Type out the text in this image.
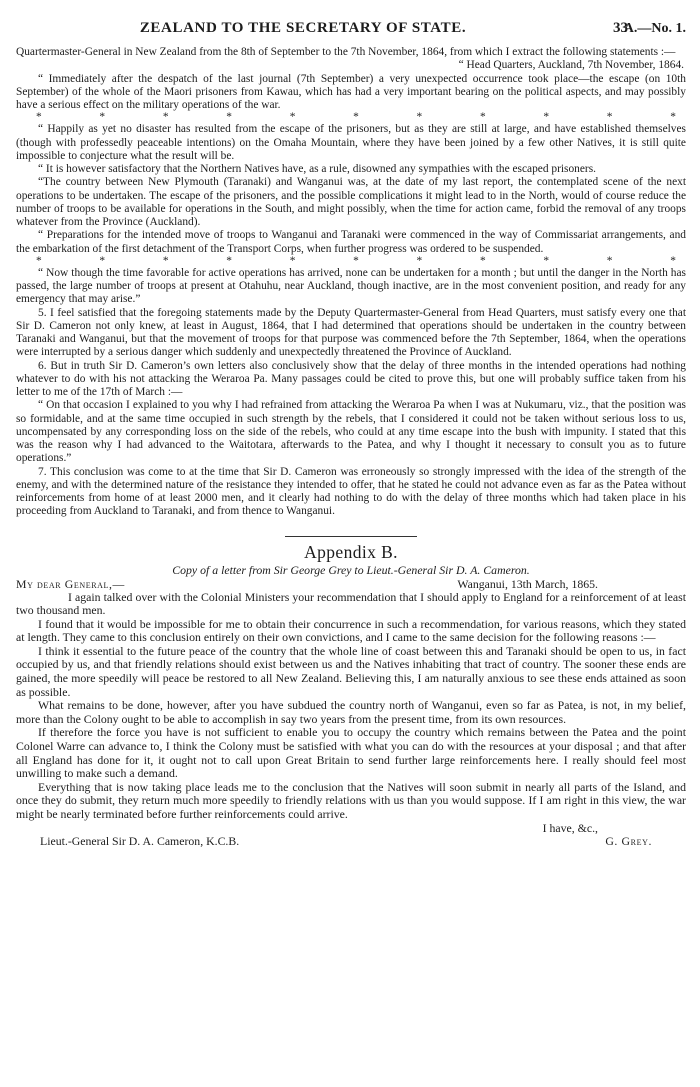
ZEALAND TO THE SECRETARY OF STATE.	33
A.—No. 1.

Quartermaster-General in New Zealand from the 8th of September to the 7th November, 1864, from which I extract the following statements :—

“ Head Quarters, Auckland, 7th November, 1864.

“ Immediately after the despatch of the last journal (7th September) a very unexpected occurrence took place—the escape (on 10th September) of the whole of the Maori prisoners from Kawau, which has had a very important bearing on the political aspects, and may possibly have a serious effect on the military operations of the war.

*	*	*	*	*	*	*	*	*	*	*

“ Happily as yet no disaster has resulted from the escape of the prisoners, but as they are still at large, and have established themselves (though with professedly peaceable intentions) on the Omaha Mountain, where they have been joined by a few other Natives, it is still quite impossible to conjecture what the result will be.

“ It is however satisfactory that the Northern Natives have, as a rule, disowned any sympathies with the escaped prisoners.

“The country between New Plymouth (Taranaki) and Wanganui was, at the date of my last report, the contemplated scene of the next operations to be undertaken. The escape of the prisoners, and the possible complications it might lead to in the North, would of course reduce the number of troops to be available for operations in the South, and might possibly, when the time for action came, forbid the removal of any troops whatever from the Province (Auckland).

“ Preparations for the intended move of troops to Wanganui and Taranaki were commenced in the way of Commissariat arrangements, and the embarkation of the first detachment of the Transport Corps, when further progress was ordered to be suspended.

*	*	*	*	*	*	*	*	*	*	*

“ Now though the time favorable for active operations has arrived, none can be undertaken for a month ; but until the danger in the North has passed, the large number of troops at present at Otahuhu, near Auckland, though inactive, are in the most convenient position, and ready for any emergency that may arise.”

5. I feel satisfied that the foregoing statements made by the Deputy Quartermaster-General from Head Quarters, must satisfy every one that Sir D. Cameron not only knew, at least in August, 1864, that I had determined that operations should be undertaken in the country between Taranaki and Wanganui, but that the movement of troops for that purpose was commenced before the 7th September, 1864, when the operations were interrupted by a serious danger which suddenly and unexpectedly threatened the Province of Auckland.

6. But in truth Sir D. Cameron’s own letters also conclusively show that the delay of three months in the intended operations had nothing whatever to do with his not attacking the Weraroa Pa. Many passages could be cited to prove this, but one will probably suffice taken from his letter to me of the 17th of March :—

“ On that occasion I explained to you why I had refrained from attacking the Weraroa Pa when I was at Nukumaru, viz., that the position was so formidable, and at the same time occupied in such strength by the rebels, that I considered it could not be taken without serious loss to us, uncompensated by any corresponding loss on the side of the rebels, who could at any time escape into the bush with impunity. I stated that this was the reason why I had advanced to the Waitotara, afterwards to the Patea, and why I thought it necessary to consult you as to future operations.”

7. This conclusion was come to at the time that Sir D. Cameron was erroneously so strongly impressed with the idea of the strength of the enemy, and with the determined nature of the resistance they intended to offer, that he stated he could not advance even as far as the Patea without reinforcements from home of at least 2000 men, and it clearly had nothing to do with the delay of three months which had taken place in his proceeding from Auckland to Taranaki, and from thence to Wanganui.

Appendix B.
Copy of a letter from Sir George Grey to Lieut.-General Sir D. A. Cameron.
My dear General,—	Wanganui, 13th March, 1865.

I again talked over with the Colonial Ministers your recommendation that I should apply to England for a reinforcement of at least two thousand men.

I found that it would be impossible for me to obtain their concurrence in such a recommendation, for various reasons, which they stated at length. They came to this conclusion entirely on their own convictions, and I came to the same decision for the following reasons :—

I think it essential to the future peace of the country that the whole line of coast between this and Taranaki should be open to us, in fact occupied by us, and that friendly relations should exist between us and the Natives inhabiting that tract of country. The sooner these ends are gained, the more speedily will peace be restored to all New Zealand. Believing this, I am naturally anxious to see these ends attained as soon as possible.

What remains to be done, however, after you have subdued the country north of Wanganui, even so far as Patea, is not, in my belief, more than the Colony ought to be able to accomplish in say two years from the present time, from its own resources.

If therefore the force you have is not sufficient to enable you to occupy the country which remains between the Patea and the point Colonel Warre can advance to, I think the Colony must be satisfied with what you can do with the resources at your disposal ; and that after all England has done for it, it ought not to call upon Great Britain to send further large reinforcements here. I really should feel most unwilling to make such a demand.

Everything that is now taking place leads me to the conclusion that the Natives will soon submit in nearly all parts of the Island, and once they do submit, they return much more speedily to friendly relations with us than you would suppose. If I am right in this view, the war might be nearly terminated before further reinforcements could arrive.

I have, &c.,
Lieut.-General Sir D. A. Cameron, K.C.B.	G. Grey.
